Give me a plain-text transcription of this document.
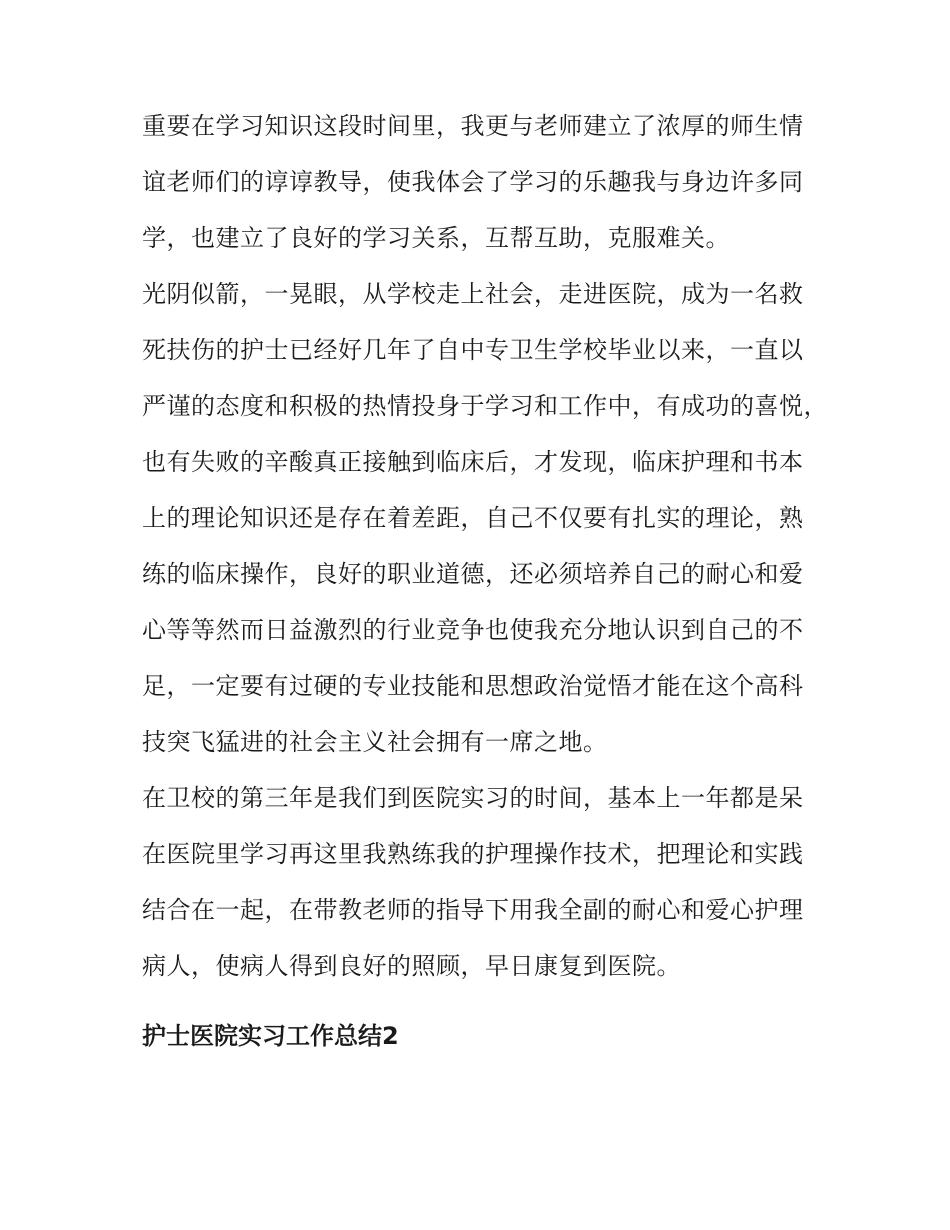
重要在学习知识这段时间里，我更与老师建立了浓厚的师生情
谊老师们的谆谆教导，使我体会了学习的乐趣我与身边许多同
学，也建立了良好的学习关系，互帮互助，克服难关。
光阴似箭，一晃眼，从学校走上社会，走进医院，成为一名救
死扶伤的护士已经好几年了自中专卫生学校毕业以来，一直以
严谨的态度和积极的热情投身于学习和工作中，有成功的喜悦，
也有失败的辛酸真正接触到临床后，才发现，临床护理和书本
上的理论知识还是存在着差距，自己不仅要有扎实的理论，熟
练的临床操作，良好的职业道德，还必须培养自己的耐心和爱
心等等然而日益激烈的行业竞争也使我充分地认识到自己的不
足，一定要有过硬的专业技能和思想政治觉悟才能在这个高科
技突飞猛进的社会主义社会拥有一席之地。
在卫校的第三年是我们到医院实习的时间，基本上一年都是呆
在医院里学习再这里我熟练我的护理操作技术，把理论和实践
结合在一起，在带教老师的指导下用我全副的耐心和爱心护理
病人，使病人得到良好的照顾，早日康复到医院。
护士医院实习工作总结2
